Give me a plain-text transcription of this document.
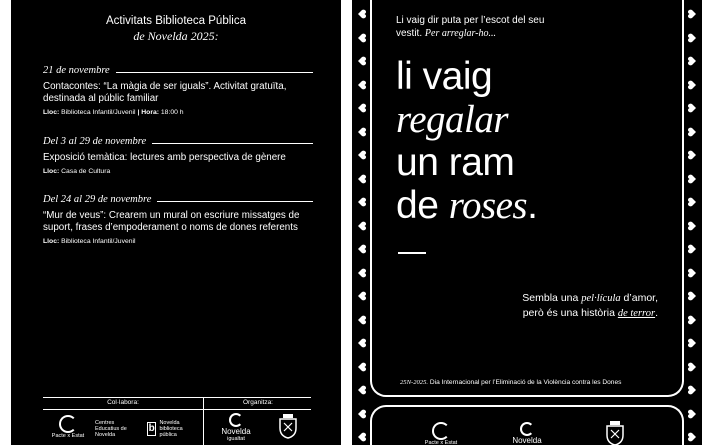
Activitats Biblioteca Pública
de Novelda 2025:
21 de novembre
Contacontes: “La màgia de ser iguals”. Activitat gratuïta, destinada al públic familiar
Lloc: Biblioteca Infantil/Juvenil | Hora: 18:00 h
Del 3 al 29 de novembre
Exposició temàtica: lectures amb perspectiva de gènere
Lloc: Casa de Cultura
Del 24 al 29 de novembre
“Mur de veus”: Crearem un mural on escriure missatges de suport, frases d’empoderament o noms de dones referents
Lloc: Biblioteca Infantil/Juvenil
Col·labora:	Organitza:
Pacte x Estat
Centres Educatius de Novelda
b Novelda biblioteca pública	Novelda
igualtat
Li vaig dir puta per l’escot del seu vestit. Per arreglar-ho...
li vaig
regalar
un ram
de roses.
Sembla una pel·lícula d’amor,
però és una història de terror.
25N-2025. Dia Internacional per l’Eliminació de la Violència contra les Dones
Pacte x Estat	Novelda
